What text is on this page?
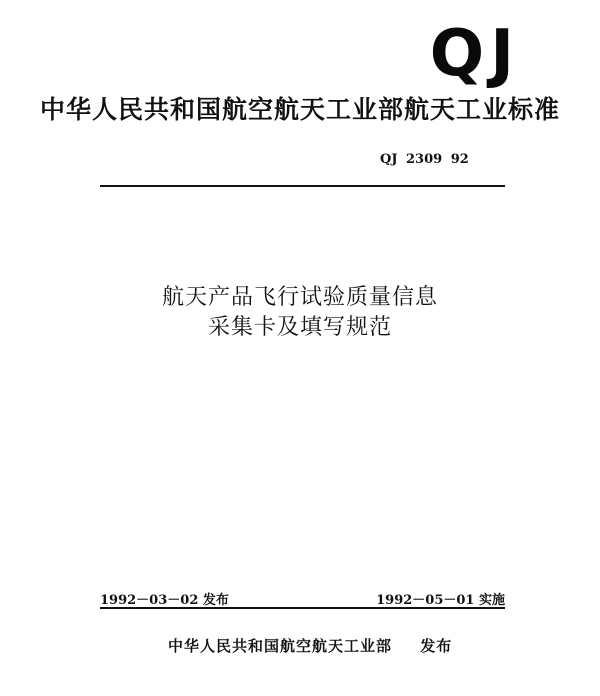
QJ
中华人民共和国航空航天工业部航天工业标准
QJ 2309 92
航天产品飞行试验质量信息
采集卡及填写规范
1992－03－02 发布	1992－05－01 实施
中华人民共和国航空航天工业部 发布
